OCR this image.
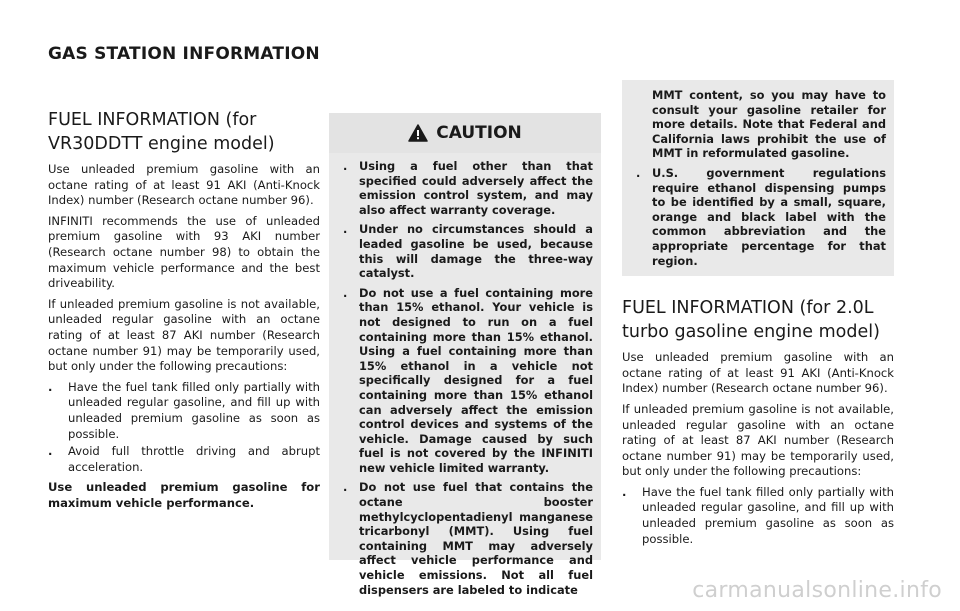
GAS STATION INFORMATION
FUEL INFORMATION (for VR30DDTT engine model)

Use unleaded premium gasoline with an octane rating of at least 91 AKI (Anti-Knock Index) number (Research octane number 96).

INFINITI recommends the use of unleaded premium gasoline with 93 AKI number (Research octane number 98) to obtain the maximum vehicle performance and the best driveability.

If unleaded premium gasoline is not available, unleaded regular gasoline with an octane rating of at least 87 AKI number (Research octane number 91) may be temporarily used, but only under the following precautions:

. Have the fuel tank filled only partially with unleaded regular gasoline, and fill up with unleaded premium gasoline as soon as possible.
. Avoid full throttle driving and abrupt acceleration.

Use unleaded premium gasoline for maximum vehicle performance.

CAUTION
. Using a fuel other than that specified could adversely affect the emission control system, and may also affect warranty coverage.
. Under no circumstances should a leaded gasoline be used, because this will damage the three-way catalyst.
. Do not use a fuel containing more than 15% ethanol. Your vehicle is not designed to run on a fuel containing more than 15% ethanol. Using a fuel containing more than 15% ethanol in a vehicle not specifically designed for a fuel containing more than 15% ethanol can adversely affect the emission control devices and systems of the vehicle. Damage caused by such fuel is not covered by the INFINITI new vehicle limited warranty.
. Do not use fuel that contains the octane booster methylcyclopentadienyl manganese tricarbonyl (MMT). Using fuel containing MMT may adversely affect vehicle performance and vehicle emissions. Not all fuel dispensers are labeled to indicate
MMT content, so you may have to consult your gasoline retailer for more details. Note that Federal and California laws prohibit the use of MMT in reformulated gasoline.
. U.S. government regulations require ethanol dispensing pumps to be identified by a small, square, orange and black label with the common abbreviation and the appropriate percentage for that region.
FUEL INFORMATION (for 2.0L turbo gasoline engine model)

Use unleaded premium gasoline with an octane rating of at least 91 AKI (Anti-Knock Index) number (Research octane number 96).

If unleaded premium gasoline is not available, unleaded regular gasoline with an octane rating of at least 87 AKI number (Research octane number 91) may be temporarily used, but only under the following precautions:

. Have the fuel tank filled only partially with unleaded regular gasoline, and fill up with unleaded premium gasoline as soon as possible.
carmanualsonline.info
